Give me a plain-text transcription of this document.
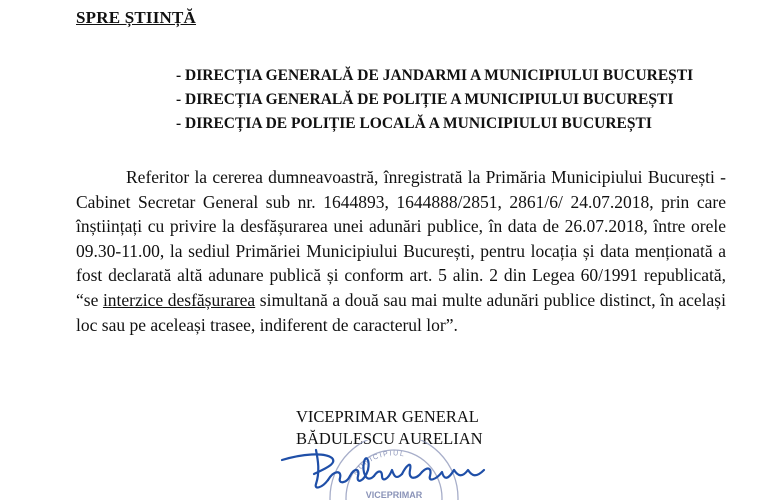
SPRE ȘTIINȚĂ
- DIRECȚIA GENERALĂ DE JANDARMI A MUNICIPIULUI BUCUREȘTI
- DIRECȚIA GENERALĂ DE POLIȚIE A MUNICIPIULUI BUCUREȘTI
- DIRECȚIA DE POLIȚIE LOCALĂ A MUNICIPIULUI BUCUREȘTI
Referitor la cererea dumneavoastră, înregistrată la Primăria Municipiului București - Cabinet Secretar General sub nr. 1644893, 1644888/2851, 2861/6/ 24.07.2018, prin care înștiințați cu privire la desfășurarea unei adunări publice, în data de 26.07.2018, între orele 09.30-11.00, la sediul Primăriei Municipiului București, pentru locația și data menționată a fost declarată altă adunare publică și conform art. 5 alin. 2 din Legea 60/1991 republicată, “se interzice desfășurarea simultană a două sau mai multe adunări publice distinct, în același loc sau pe aceleași trasee, indiferent de caracterul lor”.
VICEPRIMAR GENERAL
BĂDULESCU AURELIAN
MUNICIPIUL
VICEPRIMAR
